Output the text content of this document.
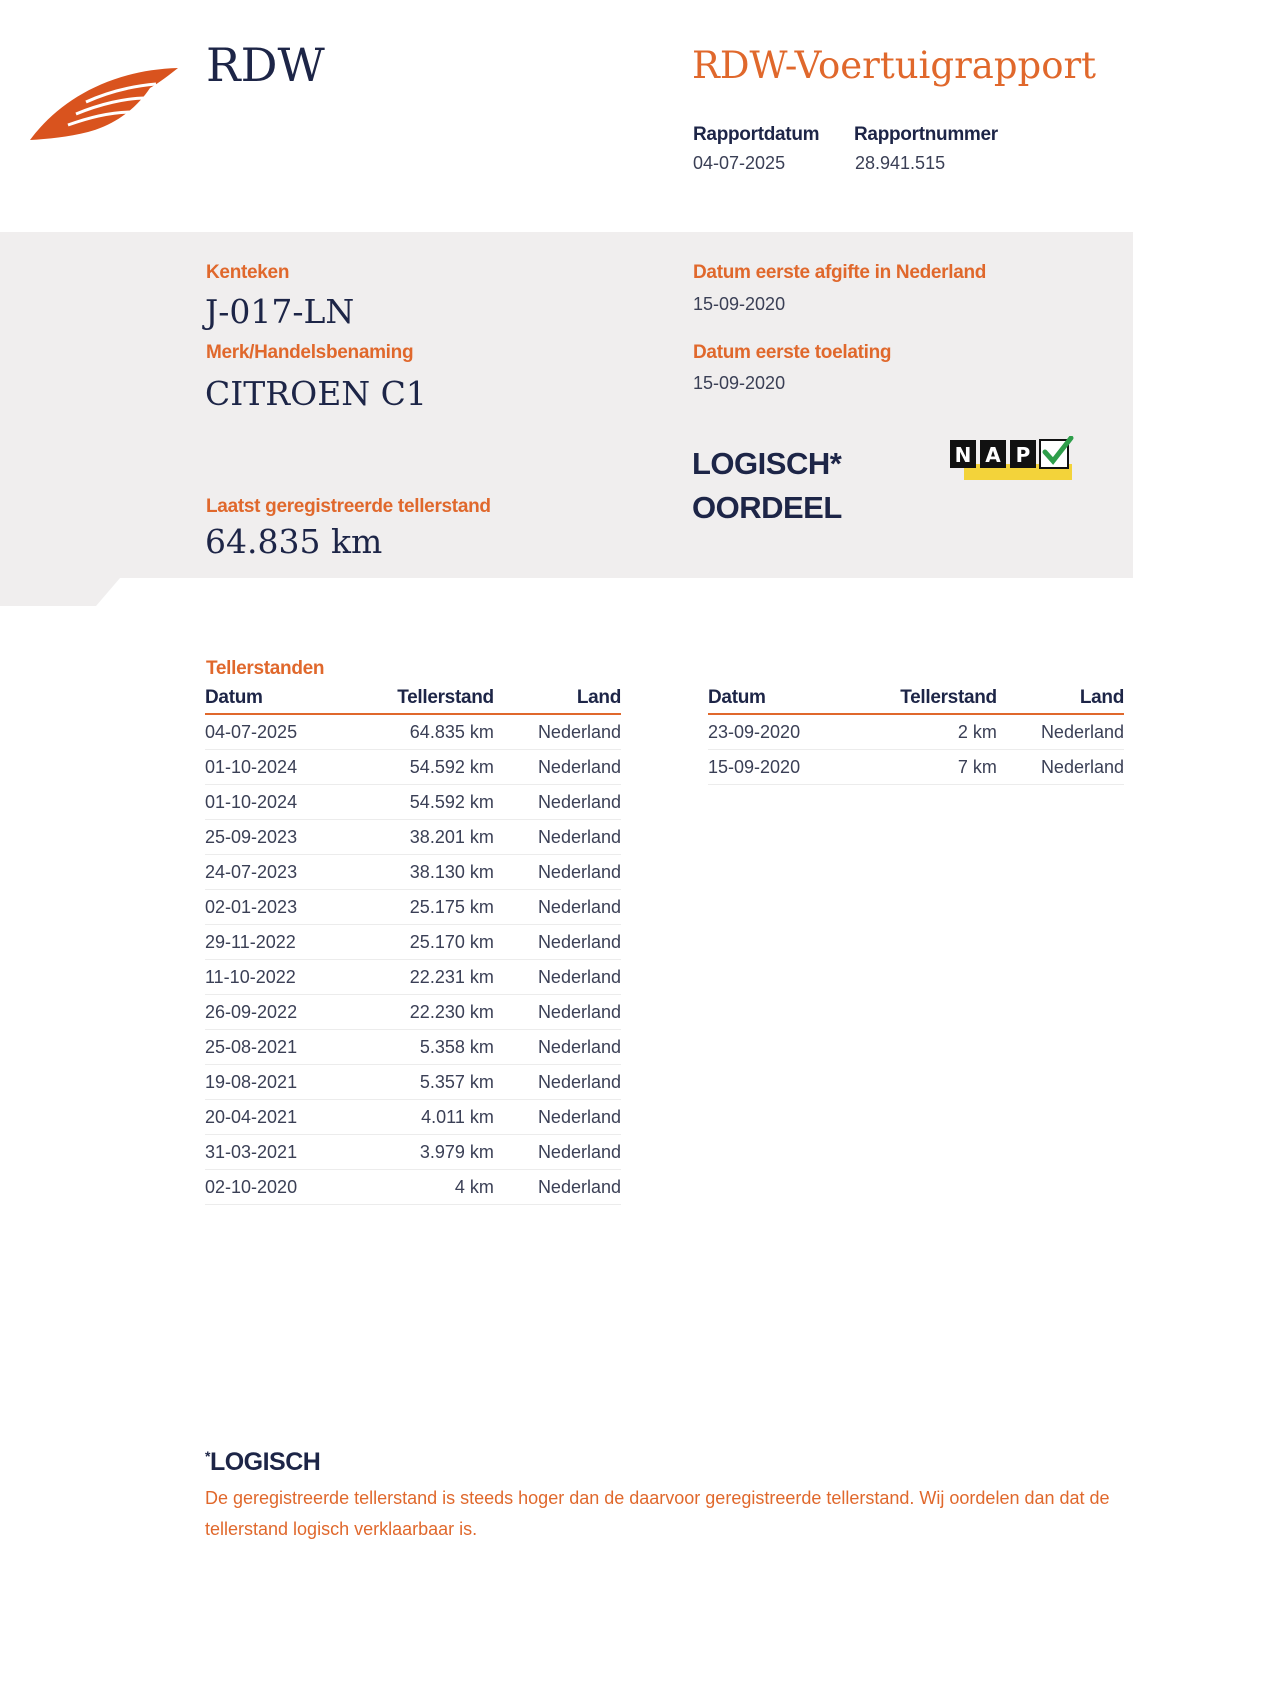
RDW	RDW-Voertuigrapport
Rapportdatum
04-07-2025
Rapportnummer
28.941.515
Kenteken
J-017-LN
Merk/Handelsbenaming
CITROEN C1
Laatst geregistreerde tellerstand
64.835 km
Datum eerste afgifte in Nederland
15-09-2020
Datum eerste toelating
15-09-2020
LOGISCH*
OORDEEL
N A P
Tellerstanden
Datum	Tellerstand	Land
04-07-2025	64.835 km	Nederland
01-10-2024	54.592 km	Nederland
01-10-2024	54.592 km	Nederland
25-09-2023	38.201 km	Nederland
24-07-2023	38.130 km	Nederland
02-01-2023	25.175 km	Nederland
29-11-2022	25.170 km	Nederland
11-10-2022	22.231 km	Nederland
26-09-2022	22.230 km	Nederland
25-08-2021	5.358 km	Nederland
19-08-2021	5.357 km	Nederland
20-04-2021	4.011 km	Nederland
31-03-2021	3.979 km	Nederland
02-10-2020	4 km	Nederland
Datum	Tellerstand	Land
23-09-2020	2 km	Nederland
15-09-2020	7 km	Nederland
*LOGISCH
De geregistreerde tellerstand is steeds hoger dan de daarvoor geregistreerde tellerstand. Wij oordelen dan dat de tellerstand logisch verklaarbaar is.
